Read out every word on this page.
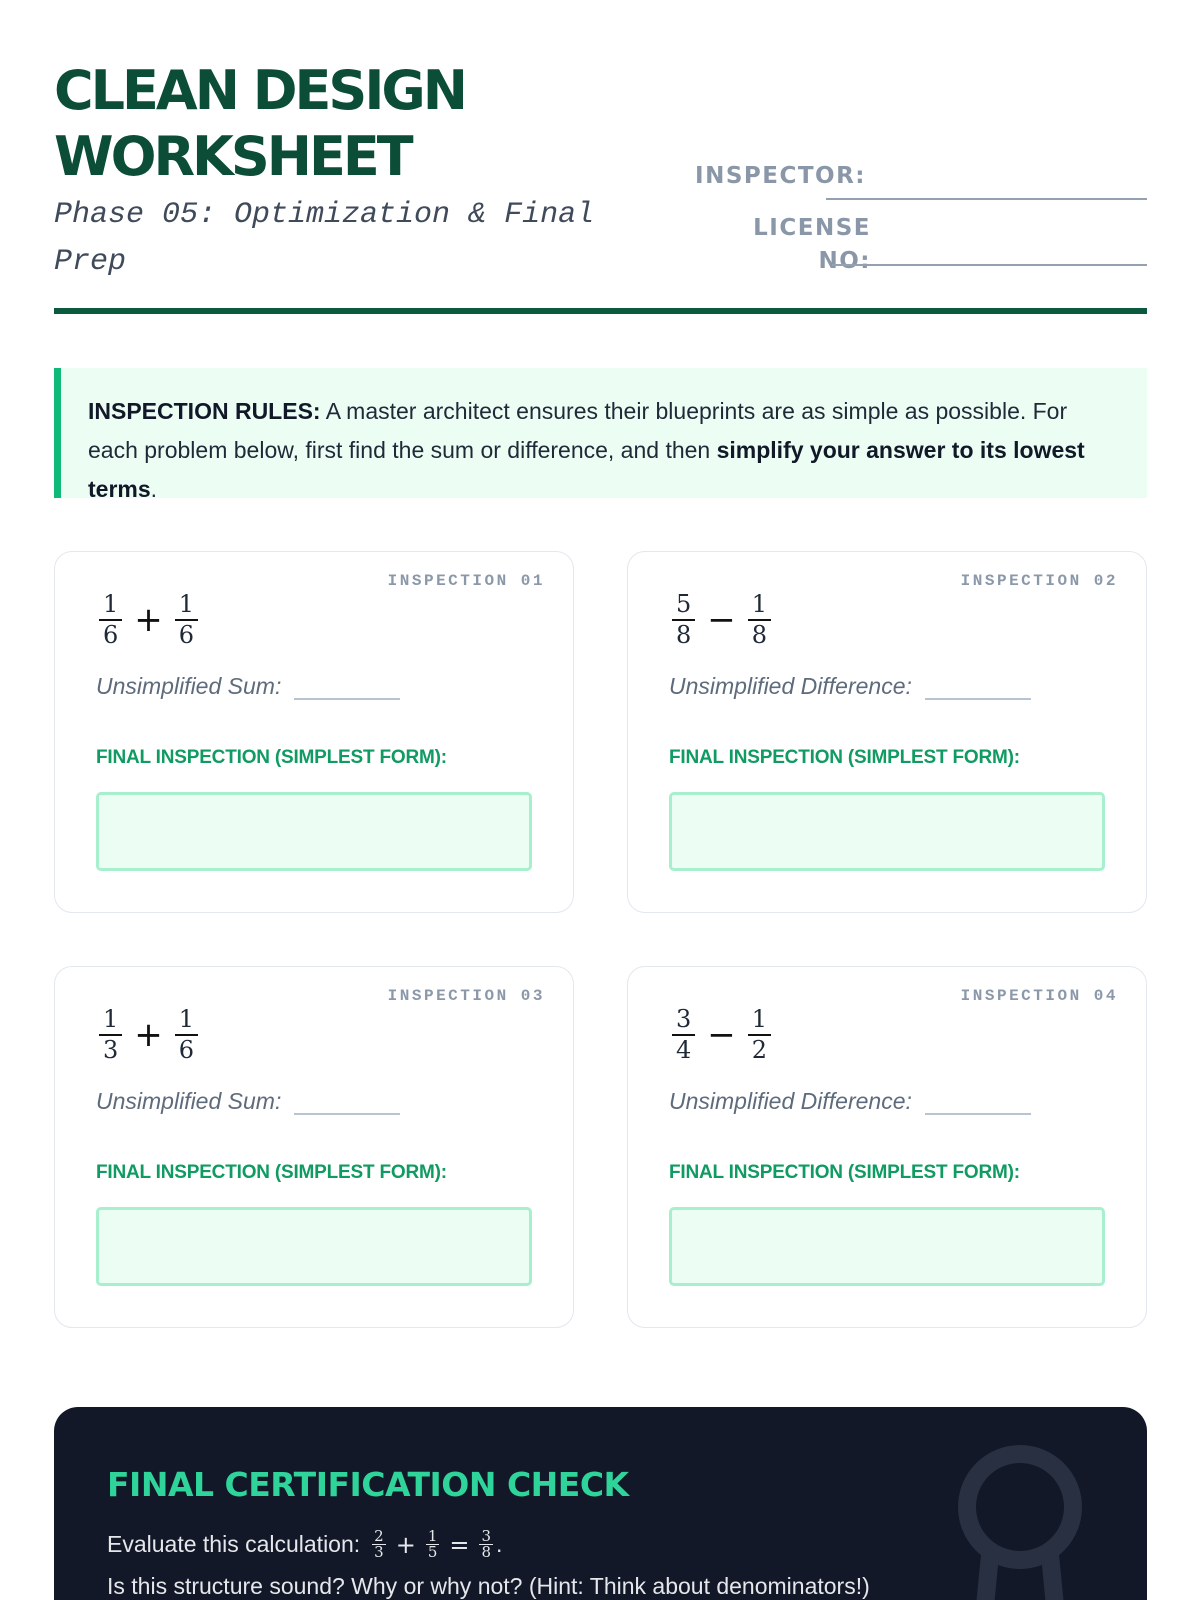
CLEAN DESIGN
WORKSHEET
Phase 05: Optimization & Final
Prep
INSPECTOR:
LICENSE
NO:
INSPECTION RULES: A master architect ensures their blueprints are as simple as possible. For each problem below, first find the sum or difference, and then simplify your answer to its lowest terms.
INSPECTION 01
$\frac{1}{6} + \frac{1}{6}$
Unsimplified Sum:
FINAL INSPECTION (SIMPLEST FORM):
INSPECTION 02
$\frac{5}{8} - \frac{1}{8}$
Unsimplified Difference:
FINAL INSPECTION (SIMPLEST FORM):
INSPECTION 03
$\frac{1}{3} + \frac{1}{6}$
Unsimplified Sum:
FINAL INSPECTION (SIMPLEST FORM):
INSPECTION 04
$\frac{3}{4} - \frac{1}{2}$
Unsimplified Difference:
FINAL INSPECTION (SIMPLEST FORM):
FINAL CERTIFICATION CHECK
Evaluate this calculation: $\frac{2}{3} + \frac{1}{5} = \frac{3}{8}$ .
Is this structure sound? Why or why not? (Hint: Think about denominators!)
